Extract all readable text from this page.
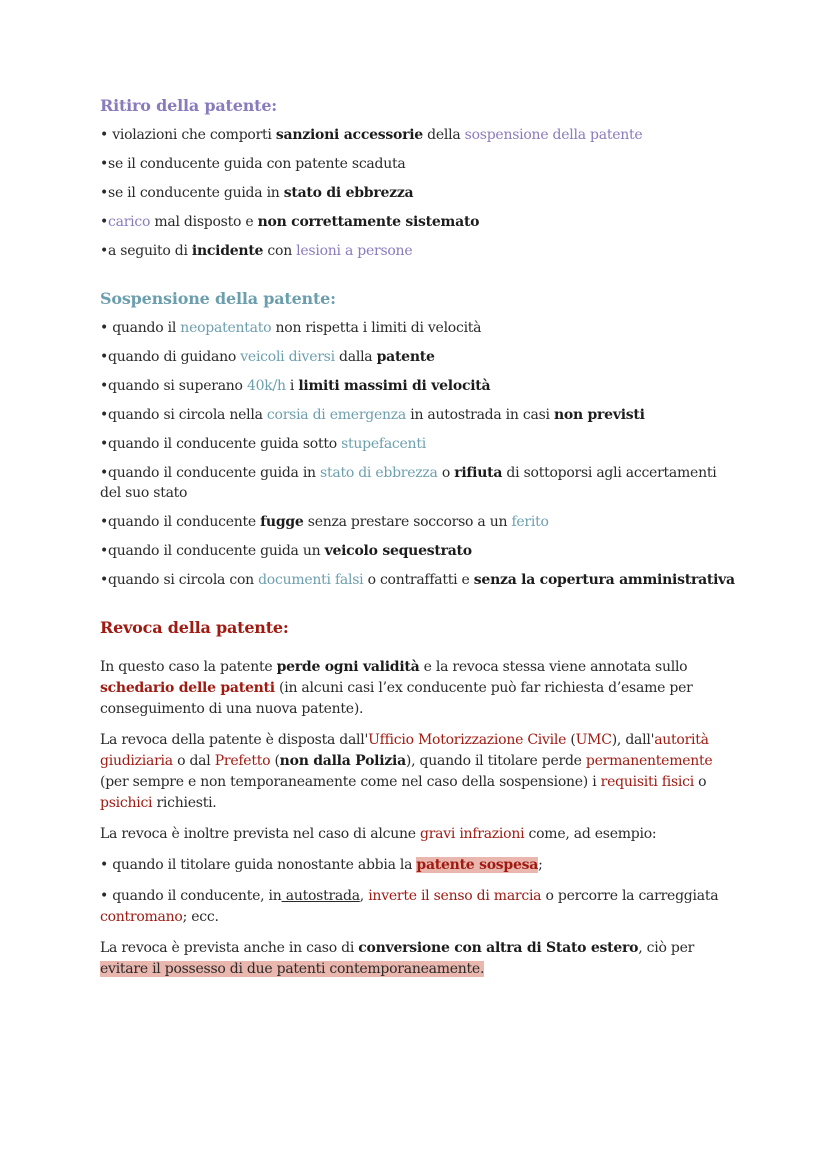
Ritiro della patente:
• violazioni che comporti sanzioni accessorie della sospensione della patente
•se il conducente guida con patente scaduta
•se il conducente guida in stato di ebbrezza
•carico mal disposto e non correttamente sistemato
•a seguito di incidente con lesioni a persone
Sospensione della patente:
• quando il neopatentato non rispetta i limiti di velocità
•quando di guidano veicoli diversi dalla patente
•quando si superano 40k/h i limiti massimi di velocità
•quando si circola nella corsia di emergenza in autostrada in casi non previsti
•quando il conducente guida sotto stupefacenti
•quando il conducente guida in stato di ebbrezza o rifiuta di sottoporsi agli accertamenti del suo stato
•quando il conducente fugge senza prestare soccorso a un ferito
•quando il conducente guida un veicolo sequestrato
•quando si circola con documenti falsi o contraffatti e senza la copertura amministrativa
Revoca della patente:
In questo caso la patente perde ogni validità e la revoca stessa viene annotata sullo schedario delle patenti (in alcuni casi l’ex conducente può far richiesta d’esame per conseguimento di una nuova patente).
La revoca della patente è disposta dall'Ufficio Motorizzazione Civile (UMC), dall'autorità giudiziaria o dal Prefetto (non dalla Polizia), quando il titolare perde permanentemente (per sempre e non temporaneamente come nel caso della sospensione) i requisiti fisici o psichici richiesti.
La revoca è inoltre prevista nel caso di alcune gravi infrazioni come, ad esempio:
• quando il titolare guida nonostante abbia la patente sospesa;
• quando il conducente, in autostrada, inverte il senso di marcia o percorre la carreggiata contromano; ecc.
La revoca è prevista anche in caso di conversione con altra di Stato estero, ciò per evitare il possesso di due patenti contemporaneamente.
